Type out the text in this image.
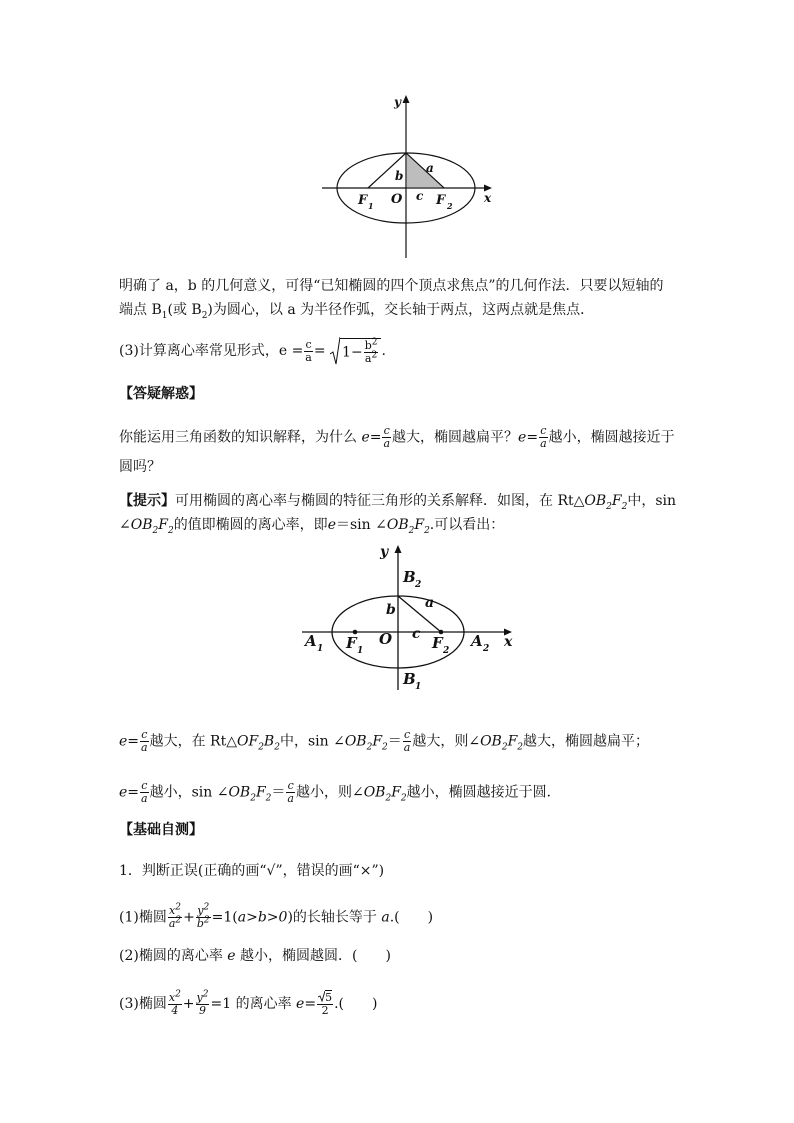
y
x
a
b
c
O
F 1	F 2
明确了 a，b 的几何意义，可得“已知椭圆的四个顶点求焦点”的几何作法．只要以短轴的
端点 $B_1$(或 $B_2$)为圆心，以 a 为半径作弧，交长轴于两点，这两点就是焦点．
(3)计算离心率常见形式，$e = \frac{c}{a} = 1- \frac{b^2}{a^2}$ .
【答疑解惑】
你能运用三角函数的知识解释，为什么 $e= \frac{c}{a}$ 越大，椭圆越扁平？$e= \frac{c}{a}$ 越小，椭圆越接近于
圆吗？
【提示】可用椭圆的离心率与椭圆的特征三角形的关系解释．如图，在 $Rt\triangle OB_2F_2$中，sin
$\angle OB_2F_2$的值即椭圆的离心率，即e＝sin $\angle OB_2F_2$.可以看出：
y
x
B 2
B 1
a
b
c
O
A 1	A 2
F 1	F 2
$e= \frac{c}{a}$ 越大，在 $Rt\triangle OF_2B_2$中，$\sin \angle OB_2F_2= \frac{c}{a}$ 越大，则$\angle OB_2F_2$越大，椭圆越扁平；
$e= \frac{c}{a}$ 越小，$\sin \angle OB_2F_2= \frac{c}{a}$ 越小，则$\angle OB_2F_2$越小，椭圆越接近于圆．
【基础自测】
1．判断正误(正确的画“√”，错误的画“×”)
(1)椭圆 $\frac{x^2}{a^2} + \frac{y^2}{b^2} =1(a>b>0)$的长轴长等于 a.(　　)
(2)椭圆的离心率 e 越小，椭圆越圆．(　　)
(3)椭圆 $\frac{x^2}{4} + \frac{y^2}{9} =1$ 的离心率 $e= \frac{5}{2}$ .(　　)
